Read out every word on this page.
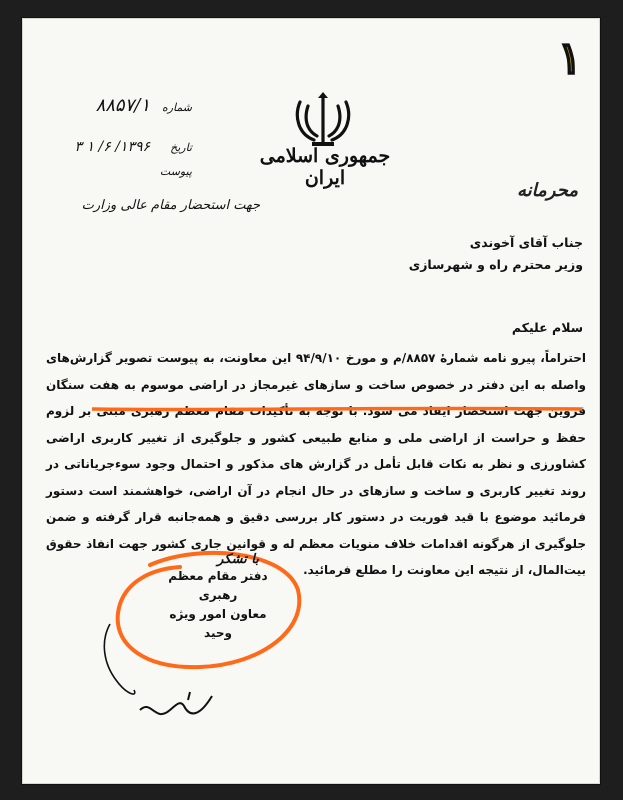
۱
جمهوری اسلامی ایران
شماره
۸۸۵۷/۱
تاریخ
۱۳۹۶/ ۶/ ۱ ۳
پیوست
جهت استحضار مقام عالی وزارت
محرمانه
جناب آقای آخوندی
وزیر محترم راه و شهرسازی
سلام علیکم

احتراماً، پیرو نامه شمارهٔ ۸۸۵۷/م و مورخ ۹۴/۹/۱۰ این معاونت، به پیوست تصویر گزارش‌های واصله به این دفتر در خصوص ساخت و سازهای غیرمجاز در اراضی موسوم به هفت سنگان قزوین جهت استحضار ایفاد می شود. با توجه به تأکیدات مقام معظم رهبری مبنی بر لزوم حفظ و حراست از اراضی ملی و منابع طبیعی کشور و جلوگیری از تغییر کاربری اراضی کشاورزی و نظر به نکات قابل تأمل در گزارش های مذکور و احتمال وجود سوءجریاناتی در روند تغییر کاربری و ساخت و سازهای در حال انجام در آن اراضی، خواهشمند است دستور فرمائید موضوع با قید فوریت در دستور کار بررسی دقیق و همه‌جانبه قرار گرفته و ضمن جلوگیری از هرگونه اقدامات خلاف منویات معظم له و قوانین جاری کشور جهت انفاذ حقوق بیت‌المال، از نتیجه این معاونت را مطلع فرمائید.

با تشکر
دفتر مقام معظم رهبری
معاون امور ویژه
وحید
